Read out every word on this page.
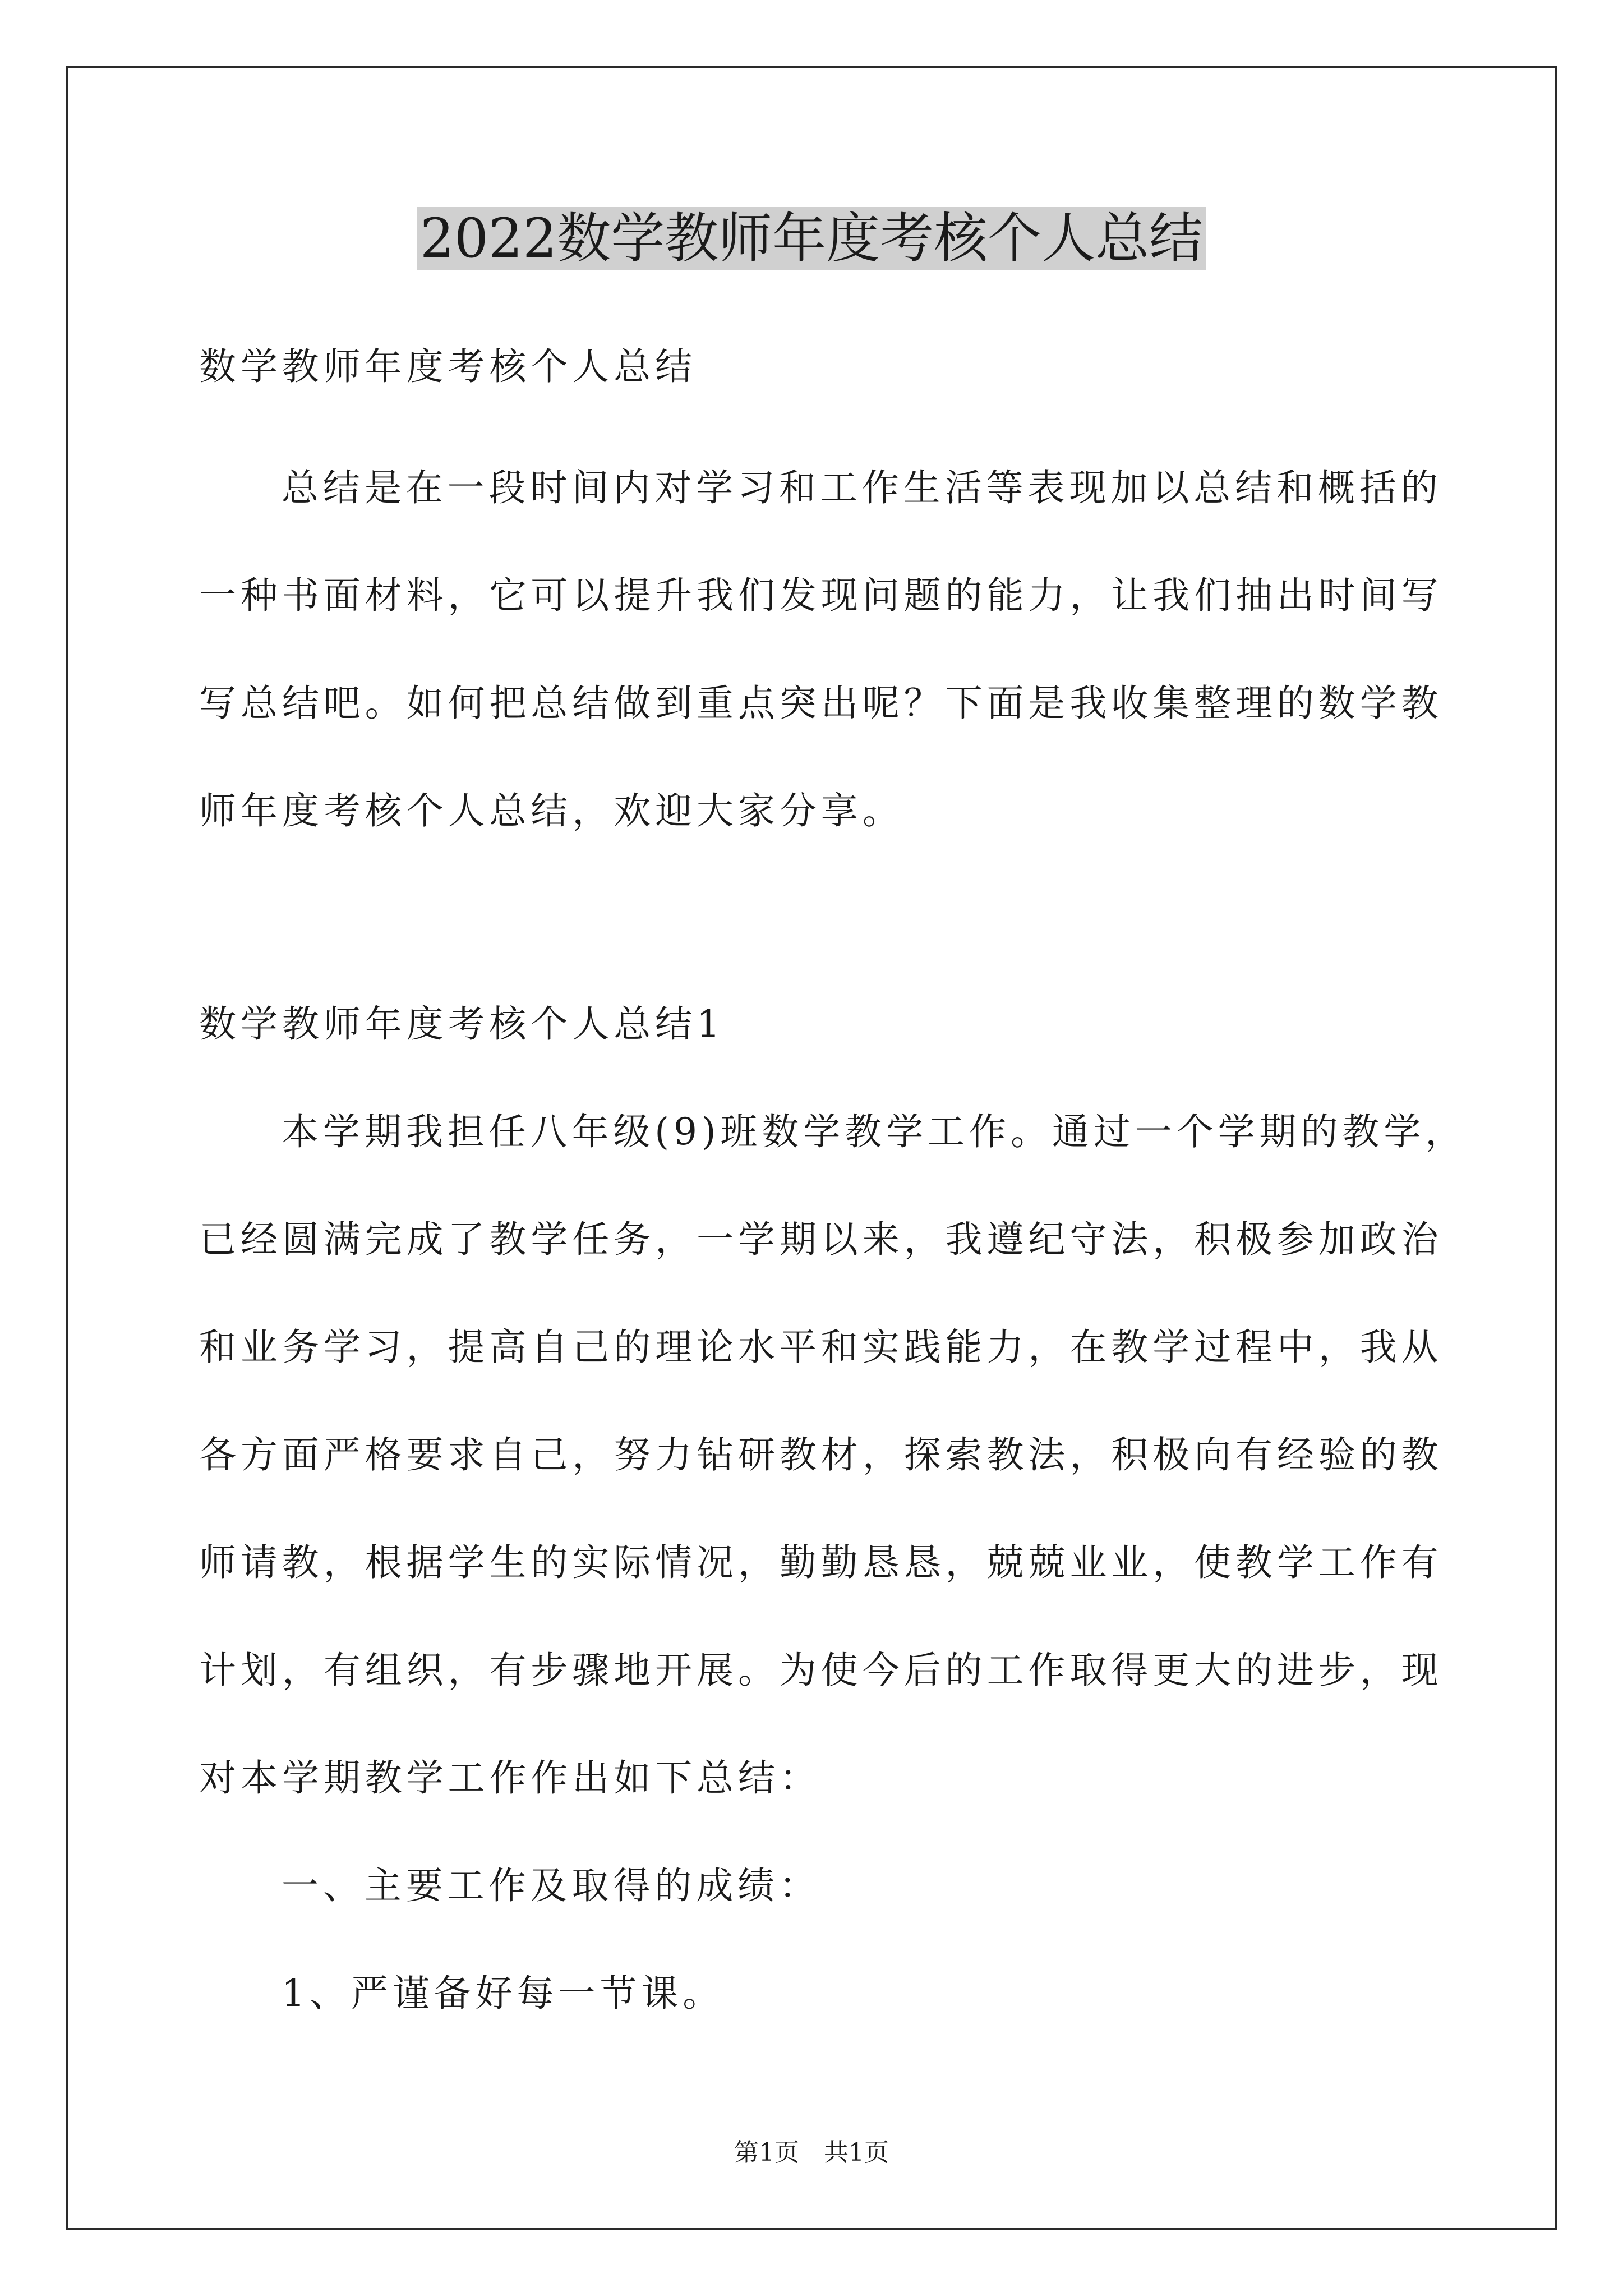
2022数学教师年度考核个人总结

数学教师年度考核个人总结

总结是在一段时间内对学习和工作生活等表现加以总结和概括的

一种书面材料，它可以提升我们发现问题的能力，让我们抽出时间写

写总结吧。如何把总结做到重点突出呢？下面是我收集整理的数学教

师年度考核个人总结，欢迎大家分享。

数学教师年度考核个人总结1

本学期我担任八年级(9)班数学教学工作。通过一个学期的教学，

已经圆满完成了教学任务，一学期以来，我遵纪守法，积极参加政治

和业务学习，提高自己的理论水平和实践能力，在教学过程中，我从

各方面严格要求自己，努力钻研教材，探索教法，积极向有经验的教

师请教，根据学生的实际情况，勤勤恳恳，兢兢业业，使教学工作有

计划，有组织，有步骤地开展。为使今后的工作取得更大的进步，现

对本学期教学工作作出如下总结：

一、主要工作及取得的成绩：

1、严谨备好每一节课。

第1页　共1页
